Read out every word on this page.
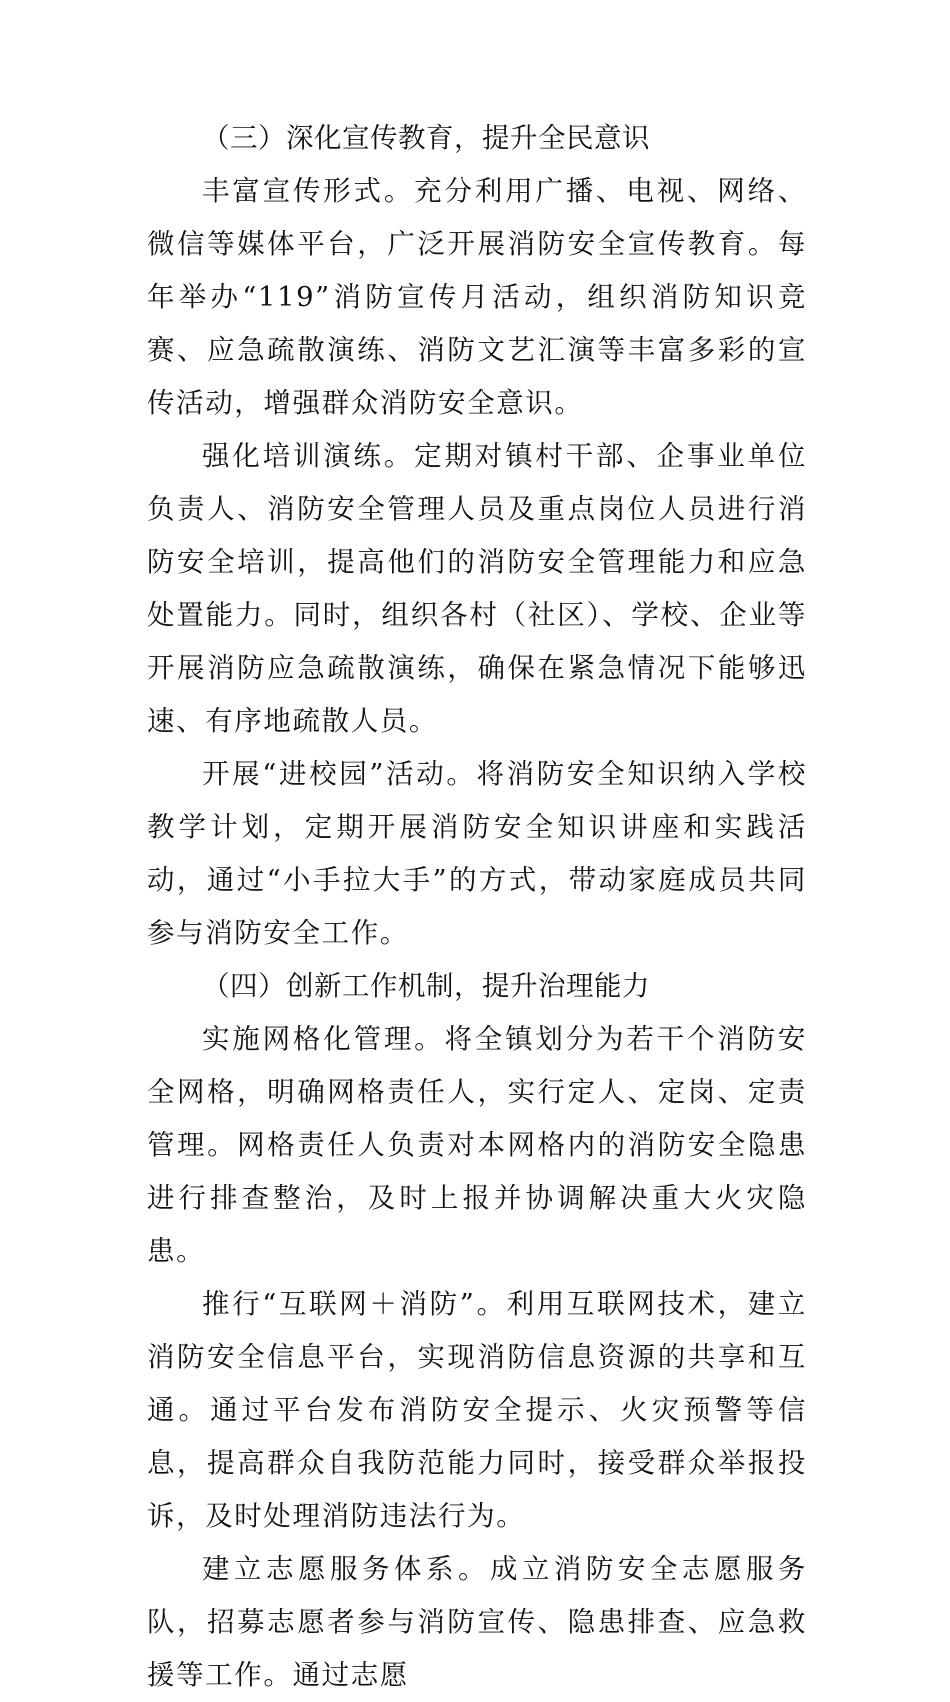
（三）深化宣传教育，提升全民意识

丰富宣传形式。充分利用广播、电视、网络、微信等媒体平台，广泛开展消防安全宣传教育。每年举办“119”消防宣传月活动，组织消防知识竞赛、应急疏散演练、消防文艺汇演等丰富多彩的宣传活动，增强群众消防安全意识。

强化培训演练。定期对镇村干部、企事业单位负责人、消防安全管理人员及重点岗位人员进行消防安全培训，提高他们的消防安全管理能力和应急处置能力。同时，组织各村（社区）、学校、企业等开展消防应急疏散演练，确保在紧急情况下能够迅速、有序地疏散人员。

开展“进校园”活动。将消防安全知识纳入学校教学计划，定期开展消防安全知识讲座和实践活动，通过“小手拉大手”的方式，带动家庭成员共同参与消防安全工作。

（四）创新工作机制，提升治理能力

实施网格化管理。将全镇划分为若干个消防安全网格，明确网格责任人，实行定人、定岗、定责管理。网格责任人负责对本网格内的消防安全隐患进行排查整治，及时上报并协调解决重大火灾隐患。

推行“互联网＋消防”。利用互联网技术，建立消防安全信息平台，实现消防信息资源的共享和互通。通过平台发布消防安全提示、火灾预警等信息，提高群众自我防范能力同时，接受群众举报投诉，及时处理消防违法行为。

建立志愿服务体系。成立消防安全志愿服务队，招募志愿者参与消防宣传、隐患排查、应急救援等工作。通过志愿
